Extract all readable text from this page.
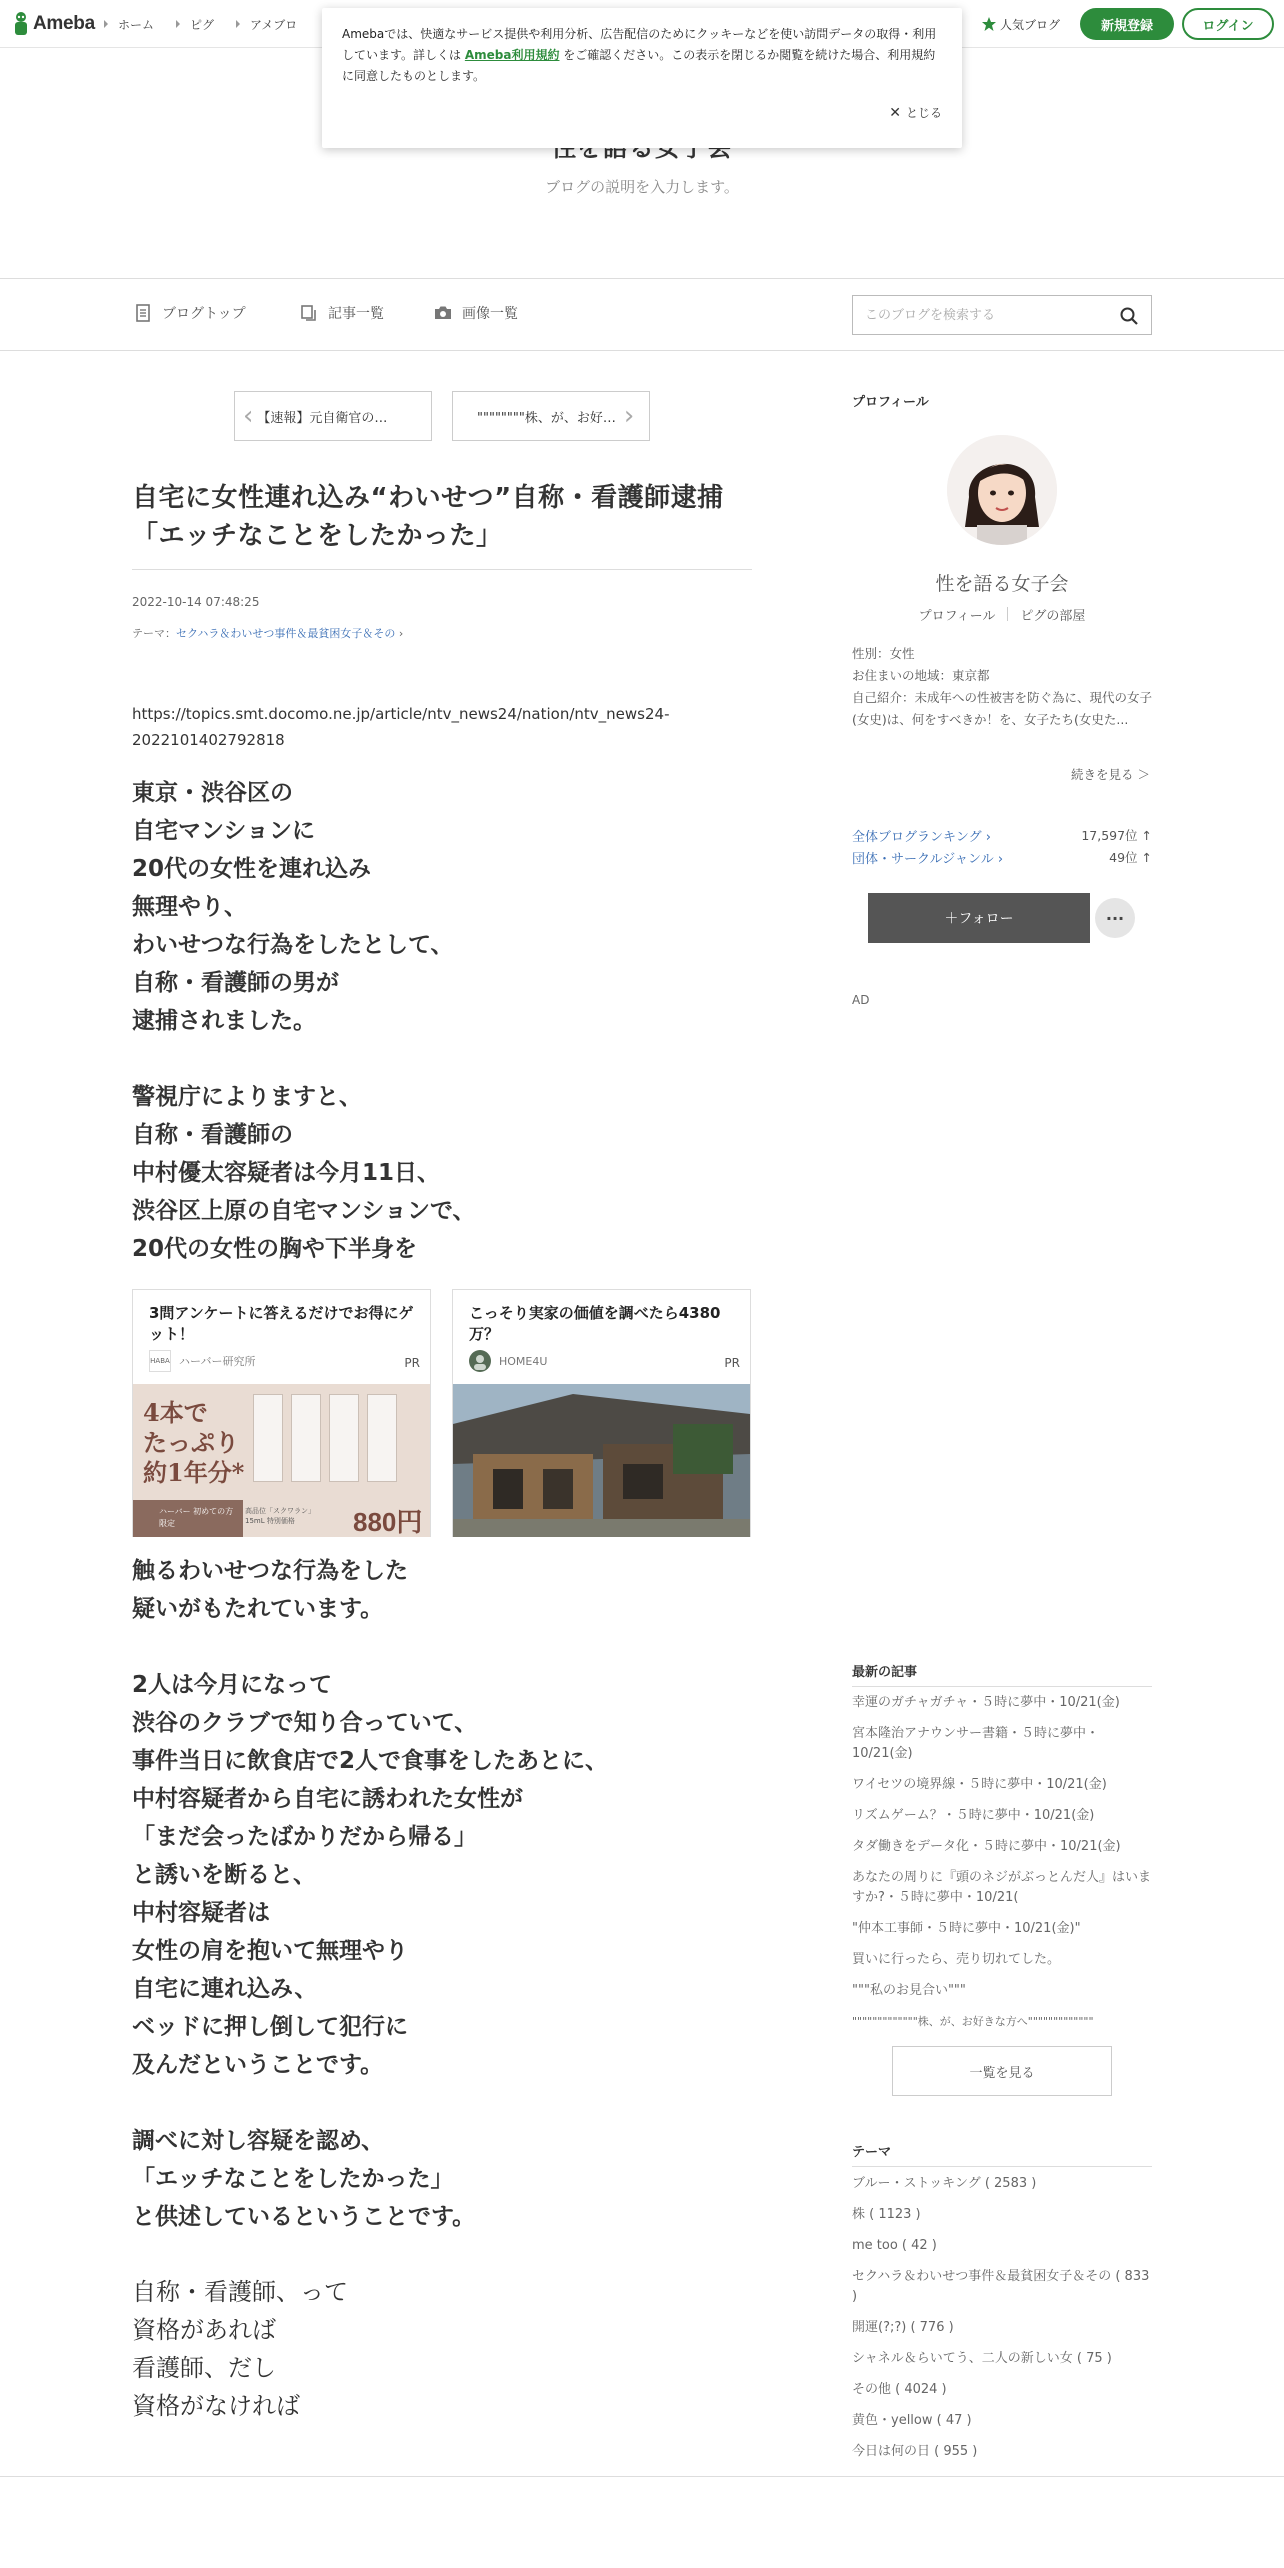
Ameba ホーム	ピグ	アメブロ	人気ブログ	新規登録	ログイン
Amebaでは、快適なサービス提供や利用分析、広告配信のためにクッキーなどを使い訪問データの取得・利用しています。詳しくは Ameba利用規約 をご確認ください。この表示を閉じるか閲覧を続けた場合、利用規約に同意したものとします。
✕ とじる
ブログの説明を入力します。
ブログトップ	記事一覧	画像一覧
このブログを検索する
‹ 【速報】元自衛官の…	""""""""株、が、お好… ›
自宅に女性連れ込み“わいせつ”自称・看護師逮捕
「エッチなことをしたかった」
2022-10-14 07:48:25
テーマ：セクハラ＆わいせつ事件＆最貧困女子＆その ›
https://topics.smt.docomo.ne.jp/article/ntv_news24/nation/ntv_news24-
2022101402792818
東京・渋谷区の
自宅マンションに
20代の女性を連れ込み
無理やり、
わいせつな行為をしたとして、
自称・看護師の男が
逮捕されました。
警視庁によりますと、
自称・看護師の
中村優太容疑者は今月11日、
渋谷区上原の自宅マンションで、
20代の女性の胸や下半身を
3問アンケートに答えるだけでお得にゲット！
HABA ハーバー研究所	PR
4本で
たっぷり
約1年分*
ハーバー 初めての方限定
高品位「スクワラン」 15mL 特別価格	880円
こっそり実家の価値を調べたら4380万？
HOME4U	PR
触るわいせつな行為をした
疑いがもたれています。
2人は今月になって
渋谷のクラブで知り合っていて、
事件当日に飲食店で2人で食事をしたあとに、
中村容疑者から自宅に誘われた女性が
「まだ会ったばかりだから帰る」
と誘いを断ると、
中村容疑者は
女性の肩を抱いて無理やり
自宅に連れ込み、
ベッドに押し倒して犯行に
及んだということです。
調べに対し容疑を認め、
「エッチなことをしたかった」
と供述しているということです。
自称・看護師、って
資格があれば
看護師、だし
資格がなければ
プロフィール
性を語る女子会
プロフィール ピグの部屋
性別：女性
お住まいの地域：東京都
自己紹介：未成年への性被害を防ぐ為に、現代の女子(女史)は、何をすべきか！を、女子たち(女史た...
続きを見る ＞
全体ブログランキング ›	17,597位 ↑
団体・サークルジャンル ›	49位 ↑
＋フォロー	···
AD
最新の記事
幸運のガチャガチャ・５時に夢中・10/21(金)
宮本隆治アナウンサー書籍・５時に夢中・10/21(金)
ワイセツの境界線・５時に夢中・10/21(金)
リズムゲーム？・５時に夢中・10/21(金)
タダ働きをデータ化・５時に夢中・10/21(金)
あなたの周りに『頭のネジがぶっとんだ人』はいますか?・５時に夢中・10/21(
"仲本工事師・５時に夢中・10/21(金)"
買いに行ったら、売り切れてした。
"""私のお見合い"""
"""""""""""""株、が、お好きな方へ"""""""""""""
一覧を見る
テーマ
ブルー・ストッキング ( 2583 )
株 ( 1123 )
me too ( 42 )
セクハラ＆わいせつ事件＆最貧困女子＆その ( 833 )
開運(?;?) ( 776 )
シャネル＆らいてう、二人の新しい女 ( 75 )
その他 ( 4024 )
黄色・yellow ( 47 )
今日は何の日 ( 955 )
